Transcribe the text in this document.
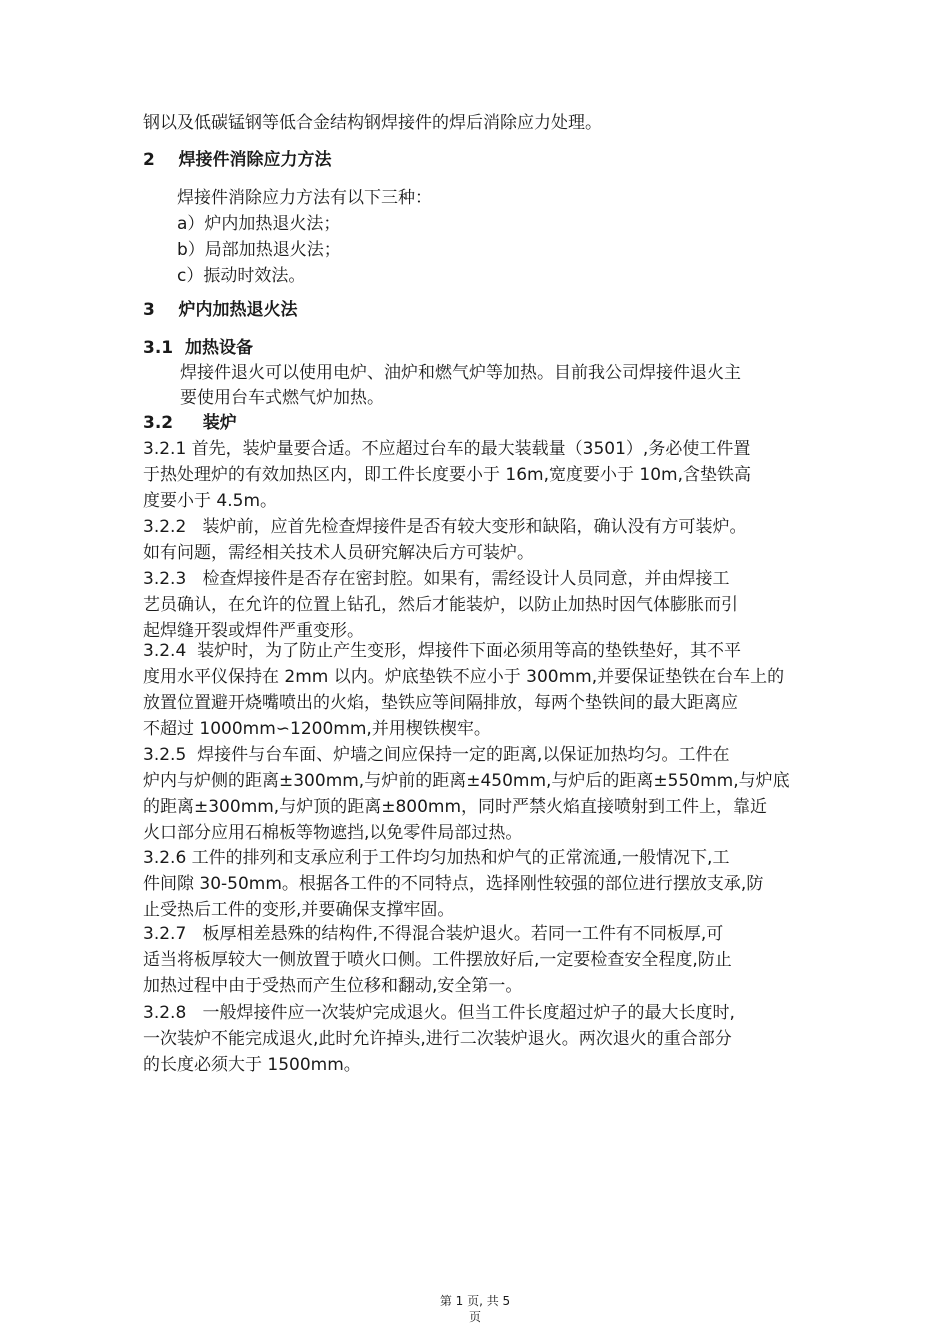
钢以及低碳锰钢等低合金结构钢焊接件的焊后消除应力处理。
2    焊接件消除应力方法
焊接件消除应力方法有以下三种：
a）炉内加热退火法；
b）局部加热退火法；
c）振动时效法。
3    炉内加热退火法
3.1  加热设备
焊接件退火可以使用电炉、油炉和燃气炉等加热。目前我公司焊接件退火主
要使用台车式燃气炉加热。
3.2     装炉
3.2.1 首先，装炉量要合适。不应超过台车的最大装载量（3501）,务必使工件置
于热处理炉的有效加热区内，即工件长度要小于 16m,宽度要小于 10m,含垫铁高
度要小于 4.5m。
3.2.2   装炉前，应首先检查焊接件是否有较大变形和缺陷，确认没有方可装炉。
如有问题，需经相关技术人员研究解决后方可装炉。
3.2.3   检查焊接件是否存在密封腔。如果有，需经设计人员同意，并由焊接工
艺员确认，在允许的位置上钻孔，然后才能装炉，以防止加热时因气体膨胀而引
起焊缝开裂或焊件严重变形。
3.2.4  装炉时，为了防止产生变形，焊接件下面必须用等高的垫铁垫好，其不平
度用水平仪保持在 2mm 以内。炉底垫铁不应小于 300mm,并要保证垫铁在台车上的
放置位置避开烧嘴喷出的火焰，垫铁应等间隔排放，每两个垫铁间的最大距离应
不超过 1000mm∽1200mm,并用楔铁楔牢。
3.2.5  焊接件与台车面、炉墙之间应保持一定的距离,以保证加热均匀。工件在
炉内与炉侧的距离±300mm,与炉前的距离±450mm,与炉后的距离±550mm,与炉底
的距离±300mm,与炉顶的距离±800mm，同时严禁火焰直接喷射到工件上，靠近
火口部分应用石棉板等物遮挡,以免零件局部过热。
3.2.6 工件的排列和支承应利于工件均匀加热和炉气的正常流通,一般情况下,工
件间隙 30-50mm。根据各工件的不同特点，选择刚性较强的部位进行摆放支承,防
止受热后工件的变形,并要确保支撑牢固。
3.2.7   板厚相差悬殊的结构件,不得混合装炉退火。若同一工件有不同板厚,可
适当将板厚较大一侧放置于喷火口侧。工件摆放好后,一定要检查安全程度,防止
加热过程中由于受热而产生位移和翻动,安全第一。
3.2.8   一般焊接件应一次装炉完成退火。但当工件长度超过炉子的最大长度时,
一次装炉不能完成退火,此时允许掉头,进行二次装炉退火。两次退火的重合部分
的长度必须大于 1500mm。
第 1 页, 共 5
页
